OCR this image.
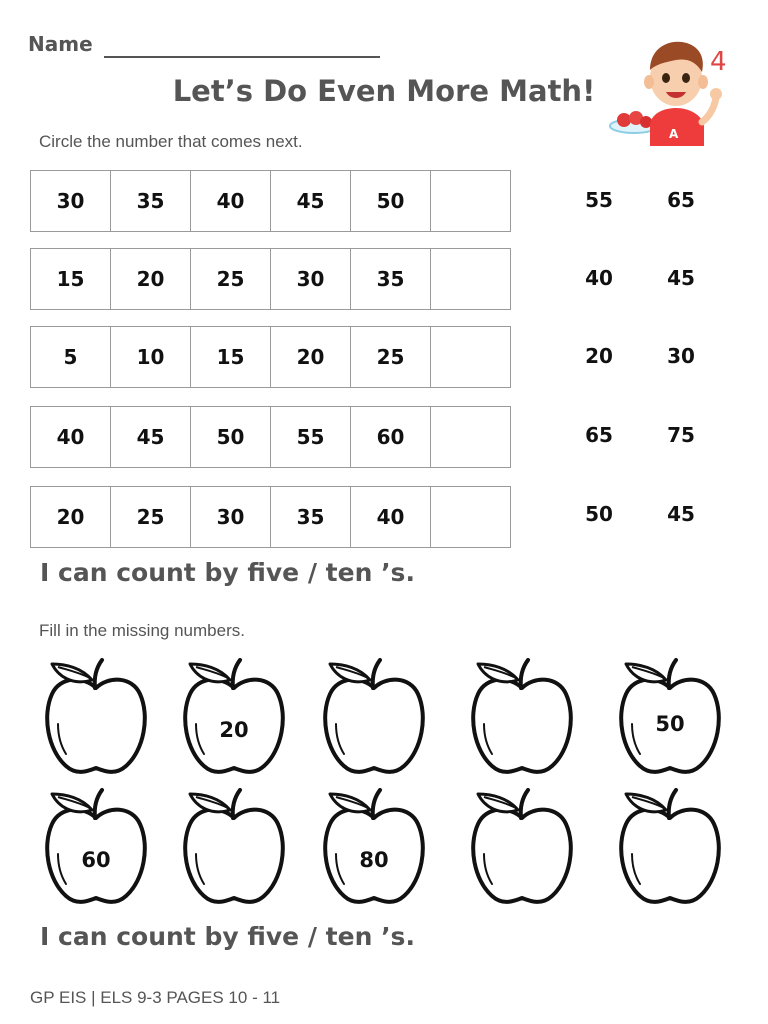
Name
Let’s Do Even More Math!
A
4
Circle the number that comes next.
30	35	40	45	50		55	65
15	20	25	30	35		40	45
5	10	15	20	25		20	30
40	45	50	55	60		65	75
20	25	30	35	40		50	45
I can count by five / ten ’s.
Fill in the missing numbers.
20	50
60	80
I can count by five / ten ’s.
GP EIS | ELS 9-3 PAGES 10 - 11
